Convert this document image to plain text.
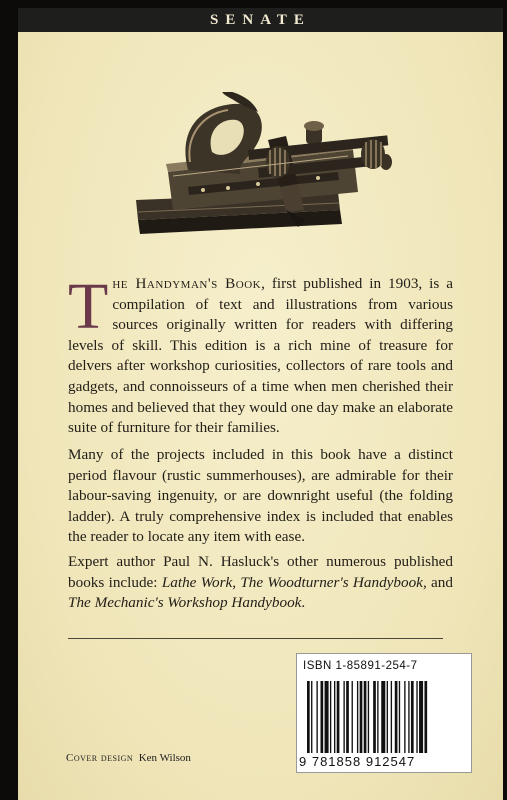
SENATE
The Handyman's Book, first published in 1903, is a compilation of text and illustrations from various sources originally written for readers with differing levels of skill. This edition is a rich mine of treasure for delvers after workshop curiosities, collectors of rare tools and gadgets, and connoisseurs of a time when men cherished their homes and believed that they would one day make an elaborate suite of furniture for their families.
Many of the projects included in this book have a distinct period flavour (rustic summerhouses), are admirable for their labour-saving ingenuity, or are downright useful (the folding ladder). A truly comprehensive index is included that enables the reader to locate any item with ease.
Expert author Paul N. Hasluck's other numerous published books include: Lathe Work, The Woodturner's Handybook, and The Mechanic's Workshop Handybook.
ISBN 1-85891-254-7
9 781858 912547
Cover design Ken Wilson
